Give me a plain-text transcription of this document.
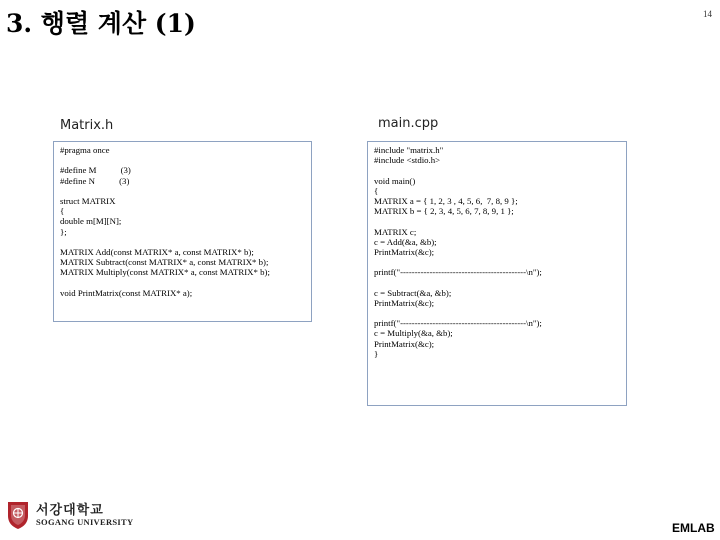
3. 행렬 계산 (1)	14
Matrix.h	main.cpp
#pragma once
#define M           (3)
#define N           (3)
struct MATRIX
{
double m[M][N];
};
MATRIX Add(const MATRIX* a, const MATRIX* b);
MATRIX Subtract(const MATRIX* a, const MATRIX* b);
MATRIX Multiply(const MATRIX* a, const MATRIX* b);
void PrintMatrix(const MATRIX* a);
#include "matrix.h"
#include <stdio.h>
void main()
{
MATRIX a = { 1, 2, 3 , 4, 5, 6,  7, 8, 9 };
MATRIX b = { 2, 3, 4, 5, 6, 7, 8, 9, 1 };
MATRIX c;
c = Add(&a, &b);
PrintMatrix(&c);
printf("-------------------------------------------\n");
c = Subtract(&a, &b);
PrintMatrix(&c);
printf("-------------------------------------------\n");
c = Multiply(&a, &b);
PrintMatrix(&c);
}
서강대학교
SOGANG UNIVERSITY	EMLAB
